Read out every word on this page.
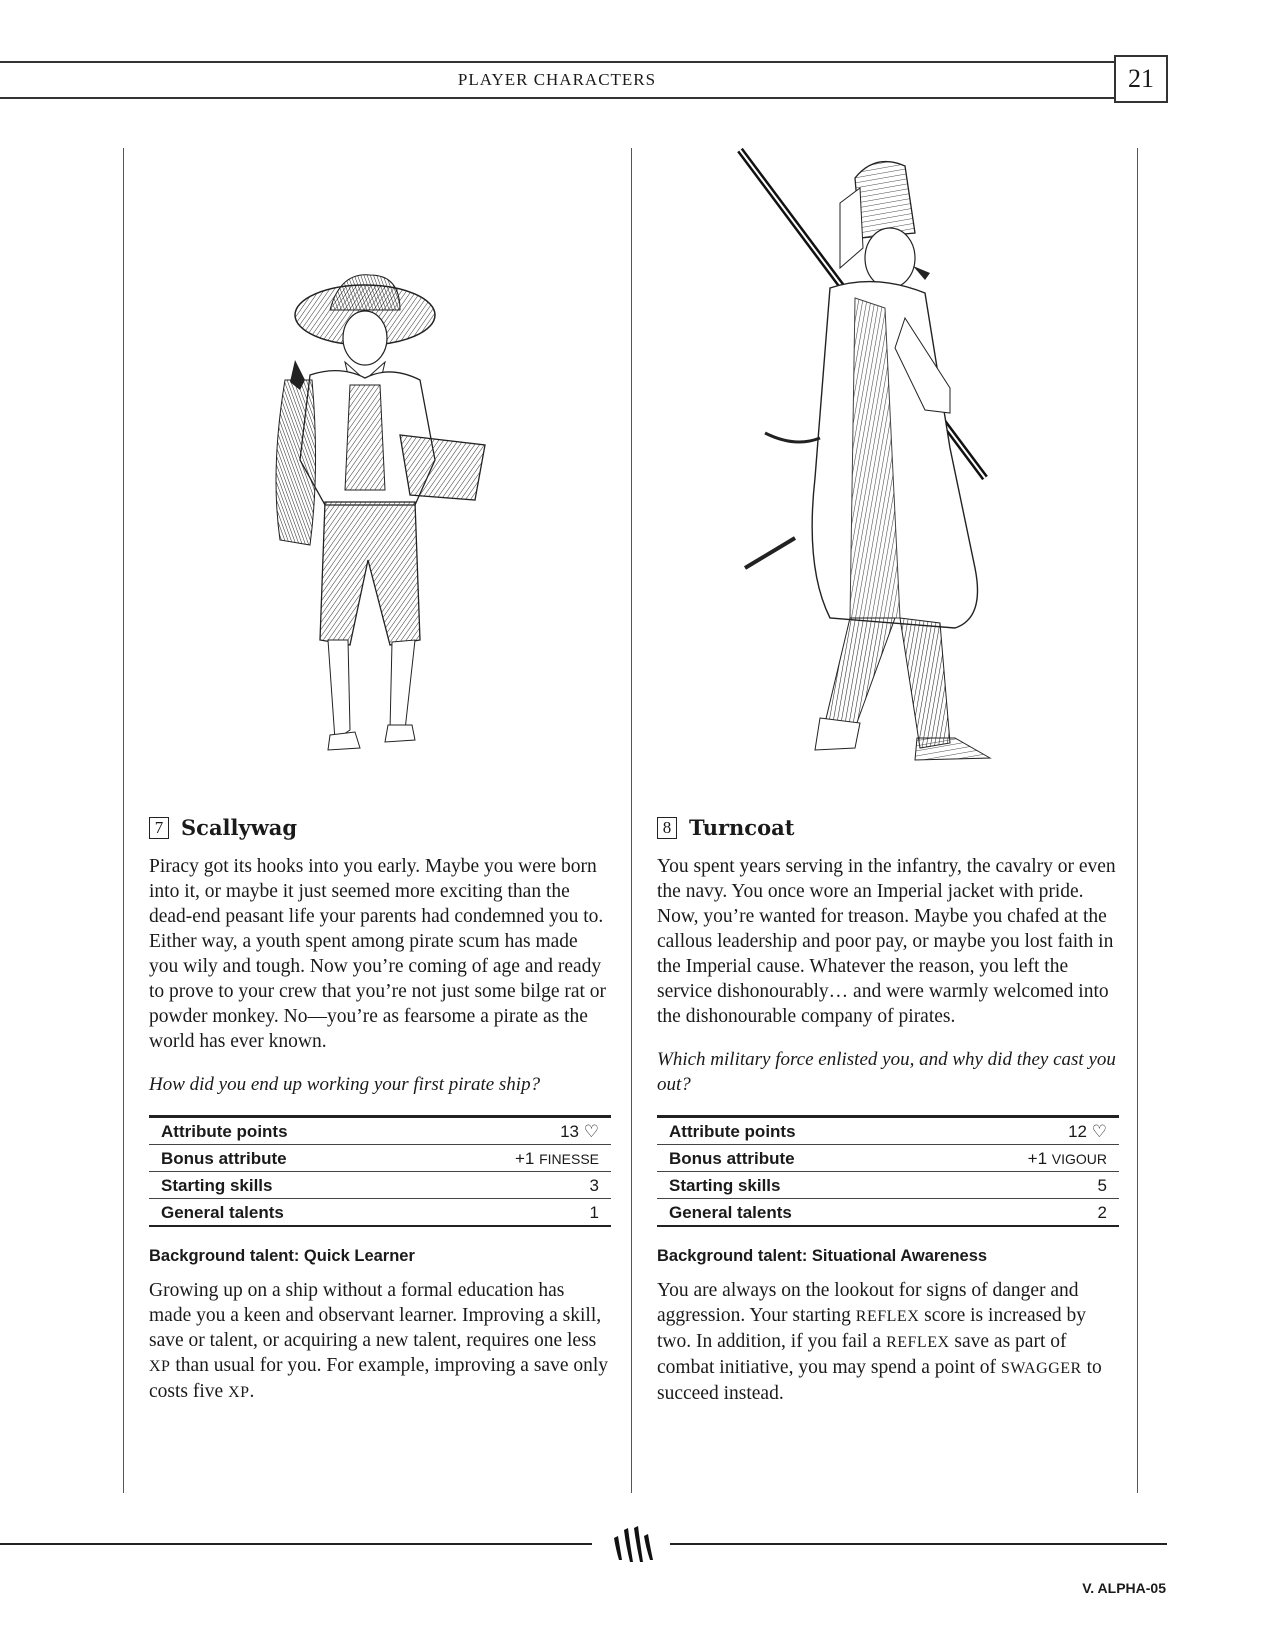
PLAYER CHARACTERS	21
7 Scallywag

Piracy got its hooks into you early. Maybe you were born into it, or maybe it just seemed more exciting than the dead-end peasant life your parents had condemned you to. Either way, a youth spent among pirate scum has made you wily and tough. Now you’re coming of age and ready to prove to your crew that you’re not just some bilge rat or powder monkey. No—you’re as fearsome a pirate as the world has ever known.

How did you end up working your first pirate ship?

Attribute points	13 ♡
Bonus attribute	+1 FINESSE
Starting skills	3
General talents	1
Background talent: Quick Learner

Growing up on a ship without a formal education has made you a keen and observant learner. Improving a skill, save or talent, or acquiring a new talent, requires one less XP than usual for you. For example, improving a save only costs five XP.

8 Turncoat

You spent years serving in the infantry, the cavalry or even the navy. You once wore an Imperial jacket with pride. Now, you’re wanted for treason. Maybe you chafed at the callous leadership and poor pay, or maybe you lost faith in the Imperial cause. Whatever the reason, you left the service dishonourably… and were warmly welcomed into the dishonourable company of pirates.

Which military force enlisted you, and why did they cast you out?

Attribute points	12 ♡
Bonus attribute	+1 VIGOUR
Starting skills	5
General talents	2
Background talent: Situational Awareness

You are always on the lookout for signs of danger and aggression. Your starting REFLEX score is increased by two. In addition, if you fail a REFLEX save as part of combat initiative, you may spend a point of SWAGGER to succeed instead.

V. ALPHA-05
